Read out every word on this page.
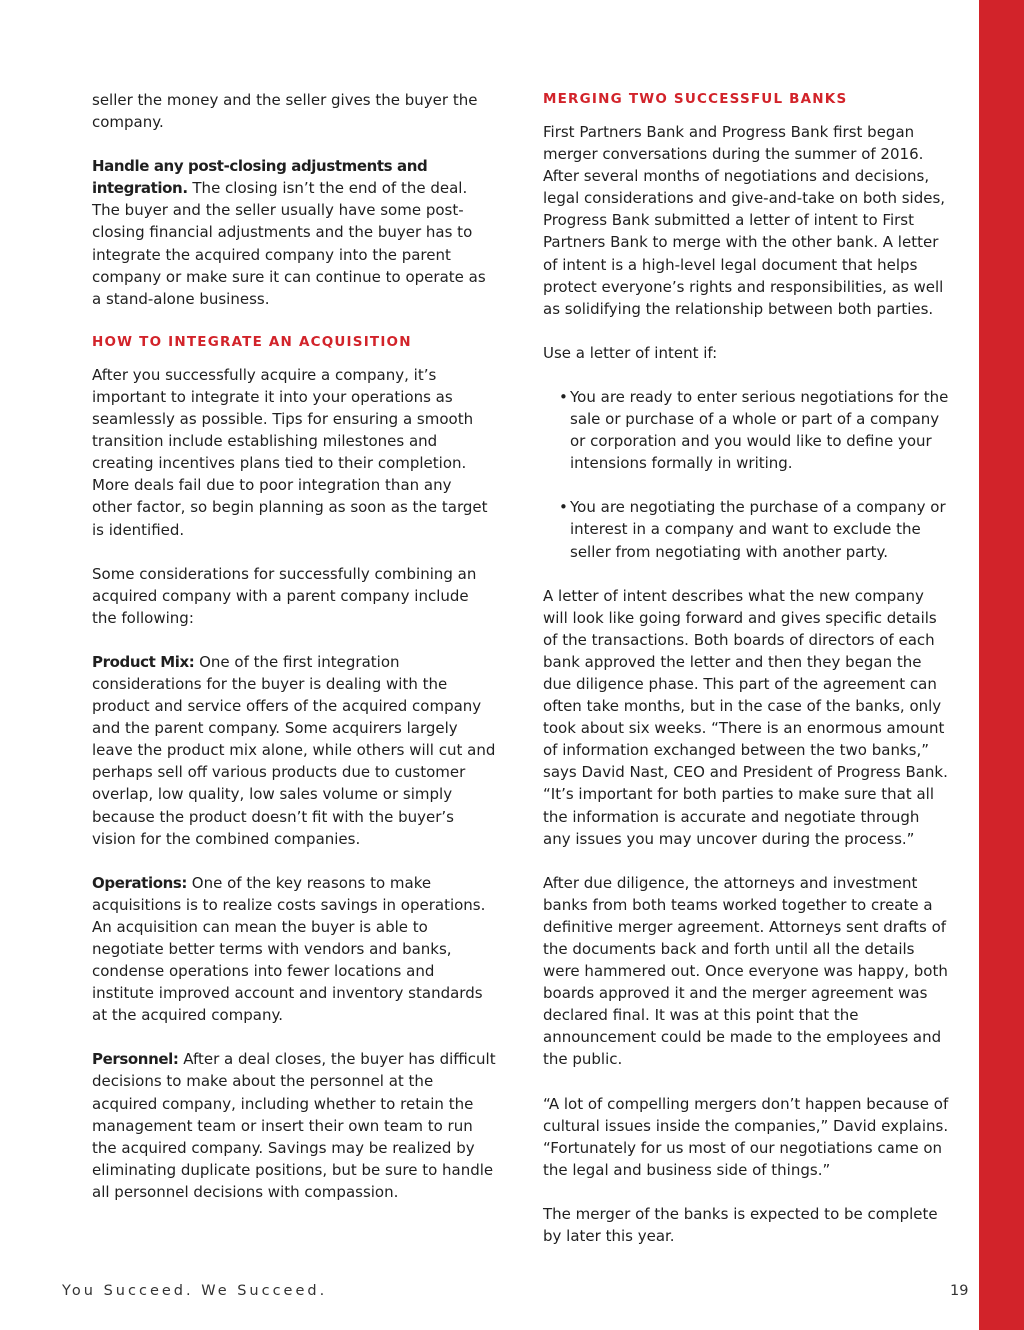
seller the money and the seller gives the buyer the company.

Handle any post-closing adjustments and integration. The closing isn’t the end of the deal. The buyer and the seller usually have some post-closing financial adjustments and the buyer has to integrate the acquired company into the parent company or make sure it can continue to operate as a stand-alone business.

HOW TO INTEGRATE AN ACQUISITION

After you successfully acquire a company, it’s important to integrate it into your operations as seamlessly as possible. Tips for ensuring a smooth transition include establishing milestones and creating incentives plans tied to their completion. More deals fail due to poor integration than any other factor, so begin planning as soon as the target is identified.

Some considerations for successfully combining an acquired company with a parent company include the following:

Product Mix: One of the first integration considerations for the buyer is dealing with the product and service offers of the acquired company and the parent company. Some acquirers largely leave the product mix alone, while others will cut and perhaps sell off various products due to customer overlap, low quality, low sales volume or simply because the product doesn’t fit with the buyer’s vision for the combined companies.

Operations: One of the key reasons to make acquisitions is to realize costs savings in operations. An acquisition can mean the buyer is able to negotiate better terms with vendors and banks, condense operations into fewer locations and institute improved account and inventory standards at the acquired company.

Personnel: After a deal closes, the buyer has difficult decisions to make about the personnel at the acquired company, including whether to retain the management team or insert their own team to run the acquired company. Savings may be realized by eliminating duplicate positions, but be sure to handle all personnel decisions with compassion.

MERGING TWO SUCCESSFUL BANKS

First Partners Bank and Progress Bank first began merger conversations during the summer of 2016. After several months of negotiations and decisions, legal considerations and give-and-take on both sides, Progress Bank submitted a letter of intent to First Partners Bank to merge with the other bank. A letter of intent is a high-level legal document that helps protect everyone’s rights and responsibilities, as well as solidifying the relationship between both parties.

Use a letter of intent if:

• You are ready to enter serious negotiations for the sale or purchase of a whole or part of a company or corporation and you would like to define your intensions formally in writing.
• You are negotiating the purchase of a company or interest in a company and want to exclude the seller from negotiating with another party.

A letter of intent describes what the new company will look like going forward and gives specific details of the transactions. Both boards of directors of each bank approved the letter and then they began the due diligence phase. This part of the agreement can often take months, but in the case of the banks, only took about six weeks. “There is an enormous amount of information exchanged between the two banks,” says David Nast, CEO and President of Progress Bank. “It’s important for both parties to make sure that all the information is accurate and negotiate through any issues you may uncover during the process.”

After due diligence, the attorneys and investment banks from both teams worked together to create a definitive merger agreement. Attorneys sent drafts of the documents back and forth until all the details were hammered out. Once everyone was happy, both boards approved it and the merger agreement was declared final. It was at this point that the announcement could be made to the employees and the public.

“A lot of compelling mergers don’t happen because of cultural issues inside the companies,” David explains. “Fortunately for us most of our negotiations came on the legal and business side of things.”

The merger of the banks is expected to be complete by later this year.

You Succeed. We Succeed.	19
